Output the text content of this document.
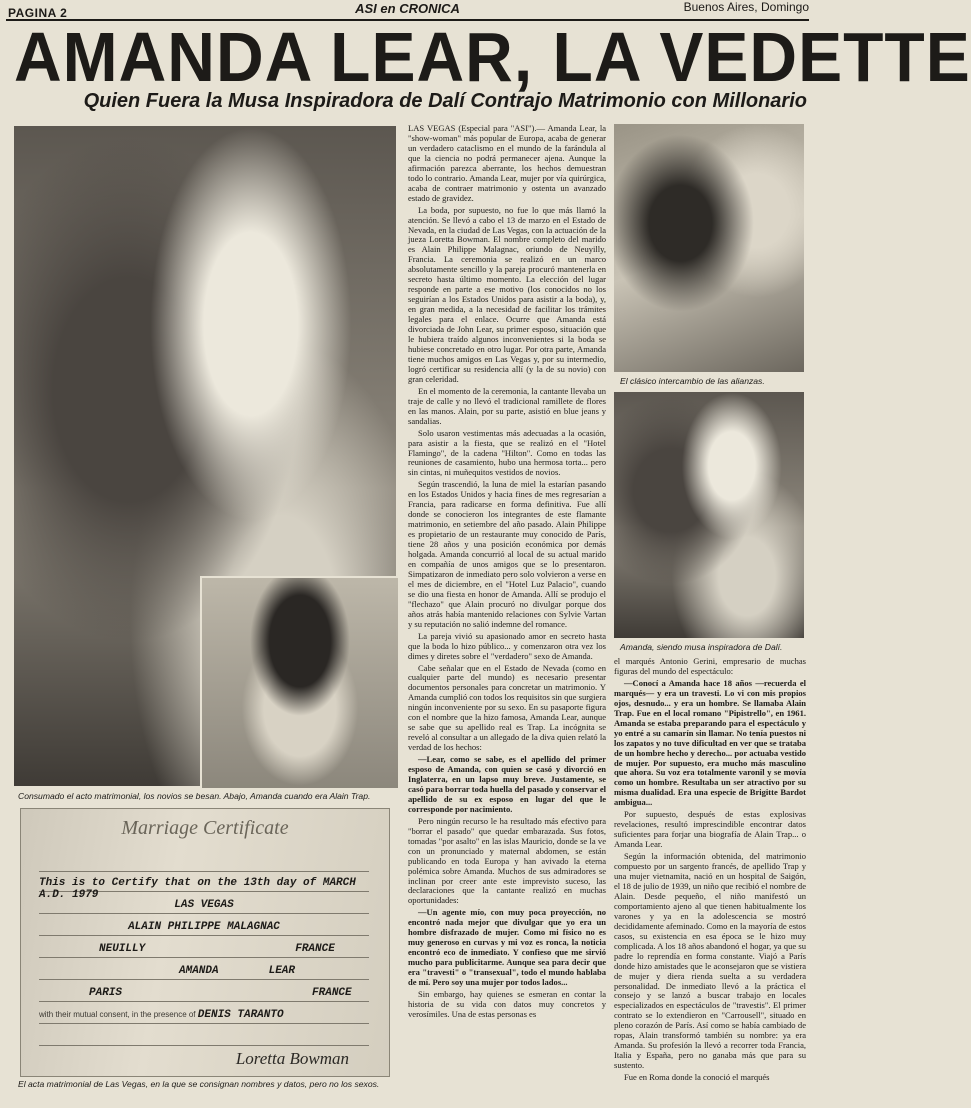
PAGINA 2	ASI en CRONICA	Buenos Aires, Domingo
AMANDA LEAR, LA VEDETTE
Quien Fuera la Musa Inspiradora de Dalí Contrajo Matrimonio con Millonario

Consumado el acto matrimonial, los novios se besan. Abajo, Amanda cuando era Alain Trap.

Marriage Certificate
This is to Certify that on the 13th day of MARCH A.D. 1979
LAS VEGAS
ALAIN PHILIPPE MALAGNAC
NEUILLY	FRANCE
AMANDA	LEAR
PARIS	FRANCE
with their mutual consent, in the presence of DENIS TARANTO
Loretta Bowman

El acta matrimonial de Las Vegas, en la que se consignan nombres y datos, pero no los sexos.

LAS VEGAS (Especial para "ASI").— Amanda Lear, la "show-woman" más popular de Europa, acaba de generar un verdadero cataclismo en el mundo de la farándula al que la ciencia no podrá permanecer ajena. Aunque la afirmación parezca aberrante, los hechos demuestran todo lo contrario. Amanda Lear, mujer por vía quirúrgica, acaba de contraer matrimonio y ostenta un avanzado estado de gravidez.

La boda, por supuesto, no fue lo que más llamó la atención. Se llevó a cabo el 13 de marzo en el Estado de Nevada, en la ciudad de Las Vegas, con la actuación de la jueza Loretta Bowman. El nombre completo del marido es Alain Philippe Malagnac, oriundo de Neuyilly, Francia. La ceremonia se realizó en un marco absolutamente sencillo y la pareja procuró mantenerla en secreto hasta último momento. La elección del lugar responde en parte a ese motivo (los conocidos no los seguirían a los Estados Unidos para asistir a la boda), y, en gran medida, a la necesidad de facilitar los trámites legales para el enlace. Ocurre que Amanda está divorciada de John Lear, su primer esposo, situación que le hubiera traído algunos inconvenientes si la boda se hubiese concretado en otro lugar. Por otra parte, Amanda tiene muchos amigos en Las Vegas y, por su intermedio, logró certificar su residencia allí (y la de su novio) con gran celeridad.

En el momento de la ceremonia, la cantante llevaba un traje de calle y no llevó el tradicional ramillete de flores en las manos. Alain, por su parte, asistió en blue jeans y sandalias.

Solo usaron vestimentas más adecuadas a la ocasión, para asistir a la fiesta, que se realizó en el "Hotel Flamingo", de la cadena "Hilton". Como en todas las reuniones de casamiento, hubo una hermosa torta... pero sin cintas, ni muñequitos vestidos de novios.

Según trascendió, la luna de miel la estarían pasando en los Estados Unidos y hacia fines de mes regresarían a Francia, para radicarse en forma definitiva. Fue allí donde se conocieron los integrantes de este flamante matrimonio, en setiembre del año pasado. Alain Philippe es propietario de un restaurante muy conocido de París, tiene 28 años y una posición económica por demás holgada. Amanda concurrió al local de su actual marido en compañía de unos amigos que se lo presentaron. Simpatizaron de inmediato pero solo volvieron a verse en el mes de diciembre, en el "Hotel Luz Palacio", cuando se dio una fiesta en honor de Amanda. Allí se produjo el "flechazo" que Alain procuró no divulgar porque dos años atrás había mantenido relaciones con Sylvie Vartan y su reputación no salió indemne del romance.

La pareja vivió su apasionado amor en secreto hasta que la boda lo hizo público... y comenzaron otra vez los dimes y diretes sobre el "verdadero" sexo de Amanda.

Cabe señalar que en el Estado de Nevada (como en cualquier parte del mundo) es necesario presentar documentos personales para concretar un matrimonio. Y Amanda cumplió con todos los requisitos sin que surgiera ningún inconveniente por su sexo. En su pasaporte figura con el nombre que la hizo famosa, Amanda Lear, aunque se sabe que su apellido real es Trap. La incógnita se reveló al consultar a un allegado de la diva quien relató la verdad de los hechos:

—Lear, como se sabe, es el apellido del primer esposo de Amanda, con quien se casó y divorció en Inglaterra, en un lapso muy breve. Justamente, se casó para borrar toda huella del pasado y conservar el apellido de su ex esposo en lugar del que le corresponde por nacimiento.

Pero ningún recurso le ha resultado más efectivo para "borrar el pasado" que quedar embarazada. Sus fotos, tomadas "por asalto" en las islas Mauricio, donde se la ve con un pronunciado y maternal abdomen, se están publicando en toda Europa y han avivado la eterna polémica sobre Amanda. Muchos de sus admiradores se inclinan por creer ante este imprevisto suceso, las declaraciones que la cantante realizó en muchas oportunidades:

—Un agente mío, con muy poca proyección, no encontró nada mejor que divulgar que yo era un hombre disfrazado de mujer. Como mi físico no es muy generoso en curvas y mi voz es ronca, la noticia encontró eco de inmediato. Y confieso que me sirvió mucho para publicitarme. Aunque sea para decir que era "travesti" o "transexual", todo el mundo hablaba de mí. Pero soy una mujer por todos lados...

Sin embargo, hay quienes se esmeran en contar la historia de su vida con datos muy concretos y verosímiles. Una de estas personas es

El clásico intercambio de las alianzas.

Amanda, siendo musa inspiradora de Dalí.

el marqués Antonio Gerini, empresario de muchas figuras del mundo del espectáculo:

—Conocí a Amanda hace 18 años —recuerda el marqués— y era un travesti. Lo vi con mis propios ojos, desnudo... y era un hombre. Se llamaba Alain Trap. Fue en el local romano "Pipistrello", en 1961. Amanda se estaba preparando para el espectáculo y yo entré a su camarín sin llamar. No tenía puestos ni los zapatos y no tuve dificultad en ver que se trataba de un hombre hecho y derecho... por actuaba vestido de mujer. Por supuesto, era mucho más masculino que ahora. Su voz era totalmente varonil y se movía como un hombre. Resultaba un ser atractivo por su misma dualidad. Era una especie de Brigitte Bardot ambigua...

Por supuesto, después de estas explosivas revelaciones, resultó imprescindible encontrar datos suficientes para forjar una biografía de Alain Trap... o Amanda Lear.

Según la información obtenida, del matrimonio compuesto por un sargento francés, de apellido Trap y una mujer vietnamita, nació en un hospital de Saigón, el 18 de julio de 1939, un niño que recibió el nombre de Alain. Desde pequeño, el niño manifestó un comportamiento ajeno al que tienen habitualmente los varones y ya en la adolescencia se mostró decididamente afeminado. Como en la mayoría de estos casos, su existencia en esa época se le hizo muy complicada. A los 18 años abandonó el hogar, ya que su padre lo reprendía en forma constante. Viajó a París donde hizo amistades que le aconsejaron que se vistiera de mujer y diera rienda suelta a su verdadera personalidad. De inmediato llevó a la práctica el consejo y se lanzó a buscar trabajo en locales especializados en espectáculos de "travestis". El primer contrato se lo extendieron en "Carrousell", situado en pleno corazón de París. Así como se había cambiado de ropas, Alain transformó también su nombre: ya era Amanda. Su profesión la llevó a recorrer toda Francia, Italia y España, pero no ganaba más que para su sustento.

Fue en Roma donde la conoció el marqués
